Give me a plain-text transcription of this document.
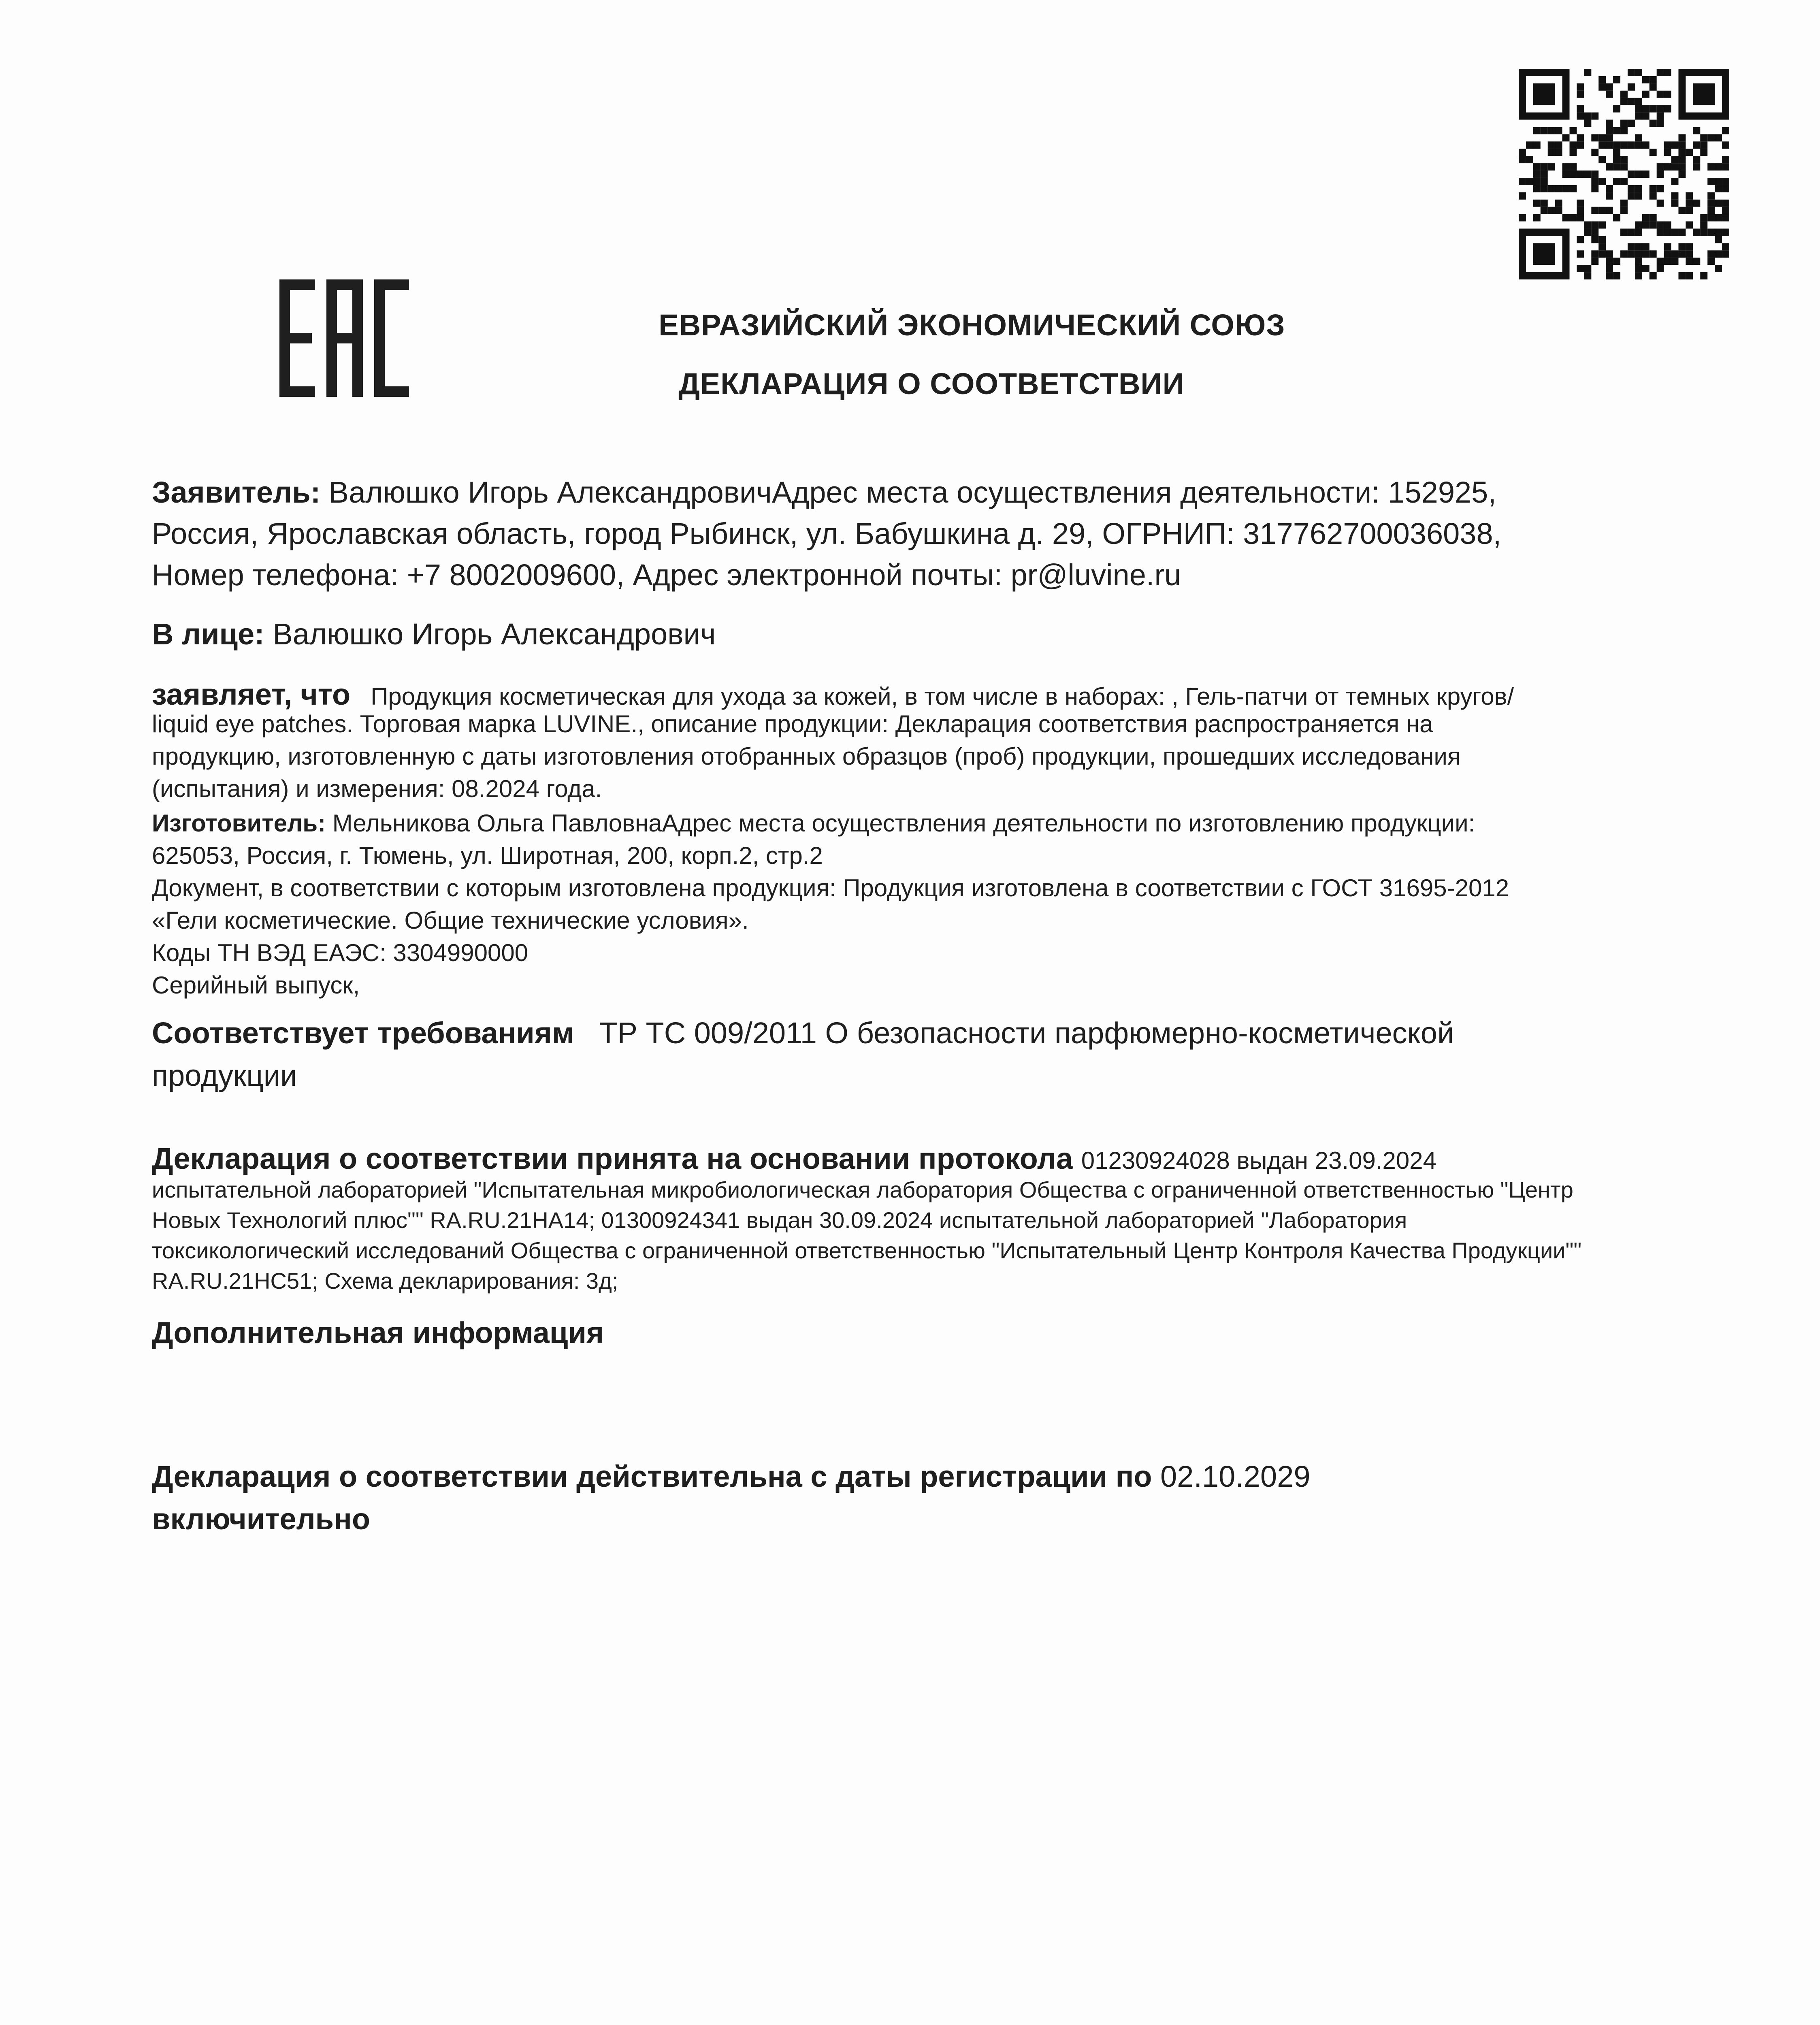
ЕВРАЗИЙСКИЙ ЭКОНОМИЧЕСКИЙ СОЮЗ
ДЕКЛАРАЦИЯ О СООТВЕТСТВИИ
Заявитель: Валюшко Игорь АлександровичАдрес места осуществления деятельности: 152925,
Россия, Ярославская область, город Рыбинск, ул. Бабушкина д. 29, ОГРНИП: 317762700036038,
Номер телефона: +7 8002009600, Адрес электронной почты: pr@luvine.ru
В лице: Валюшко Игорь Александрович
заявляет, что Продукция косметическая для ухода за кожей, в том числе в наборах: , Гель-патчи от темных кругов/
liquid eye patches. Торговая марка LUVINE., описание продукции: Декларация соответствия распространяется на
продукцию, изготовленную с даты изготовления отобранных образцов (проб) продукции, прошедших исследования
(испытания) и измерения: 08.2024 года.
Изготовитель: Мельникова Ольга ПавловнаАдрес места осуществления деятельности по изготовлению продукции:
625053, Россия, г. Тюмень, ул. Широтная, 200, корп.2, стр.2
Документ, в соответствии с которым изготовлена продукция: Продукция изготовлена в соответствии с ГОСТ 31695-2012
«Гели косметические. Общие технические условия».
Коды ТН ВЭД ЕАЭС: 3304990000
Серийный выпуск,
Соответствует требованиям ТР ТС 009/2011 О безопасности парфюмерно-косметической
продукции
Декларация о соответствии принята на основании протокола 01230924028 выдан 23.09.2024
испытательной лабораторией "Испытательная микробиологическая лаборатория Общества с ограниченной ответственностью "Центр
Новых Технологий плюс"" RA.RU.21НА14; 01300924341 выдан 30.09.2024 испытательной лабораторией "Лаборатория
токсикологический исследований Общества с ограниченной ответственностью "Испытательный Центр Контроля Качества Продукции""
RA.RU.21НС51; Схема декларирования: 3д;
Дополнительная информация
Декларация о соответствии действительна с даты регистрации по 02.10.2029
включительно
